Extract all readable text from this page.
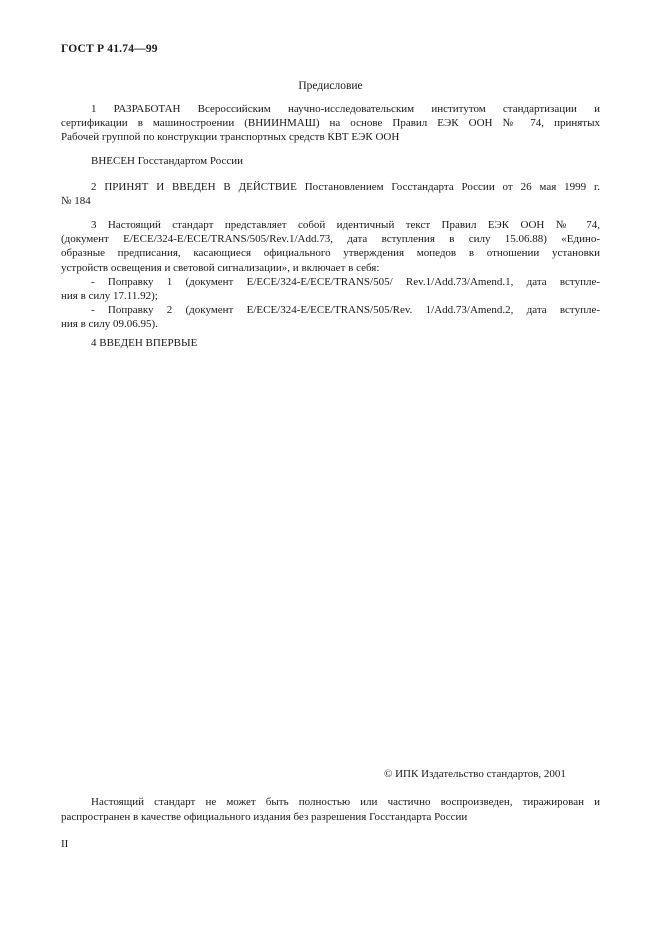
ГОСТ Р 41.74—99
Предисловие
1 РАЗРАБОТАН Всероссийским научно-исследовательским институтом стандартизации и
сертификации в машиностроении (ВНИИНМАШ) на основе Правил ЕЭК ООН № 74, принятых
Рабочей группой по конструкции транспортных средств КВТ ЕЭК ООН
ВНЕСЕН Госстандартом России
2 ПРИНЯТ И ВВЕДЕН В ДЕЙСТВИЕ Постановлением Госстандарта России от 26 мая 1999 г.
№ 184
3 Настоящий стандарт представляет собой идентичный текст Правил ЕЭК ООН № 74,
(документ E/ECE/324-E/ECE/TRANS/505/Rev.1/Add.73, дата вступления в силу 15.06.88) «Едино-
образные предписания, касающиеся официального утверждения мопедов в отношении установки
устройств освещения и световой сигнализации», и включает в себя:
- Поправку 1 (документ E/ECE/324-E/ECE/TRANS/505/ Rev.1/Add.73/Amend.1, дата вступле-
ния в силу 17.11.92);
- Поправку 2 (документ E/ECE/324-E/ECE/TRANS/505/Rev. 1/Add.73/Amend.2, дата вступле-
ния в силу 09.06.95).
4 ВВЕДЕН ВПЕРВЫЕ
© ИПК Издательство стандартов, 2001
Настоящий стандарт не может быть полностью или частично воспроизведен, тиражирован и
распространен в качестве официального издания без разрешения Госстандарта России
II
